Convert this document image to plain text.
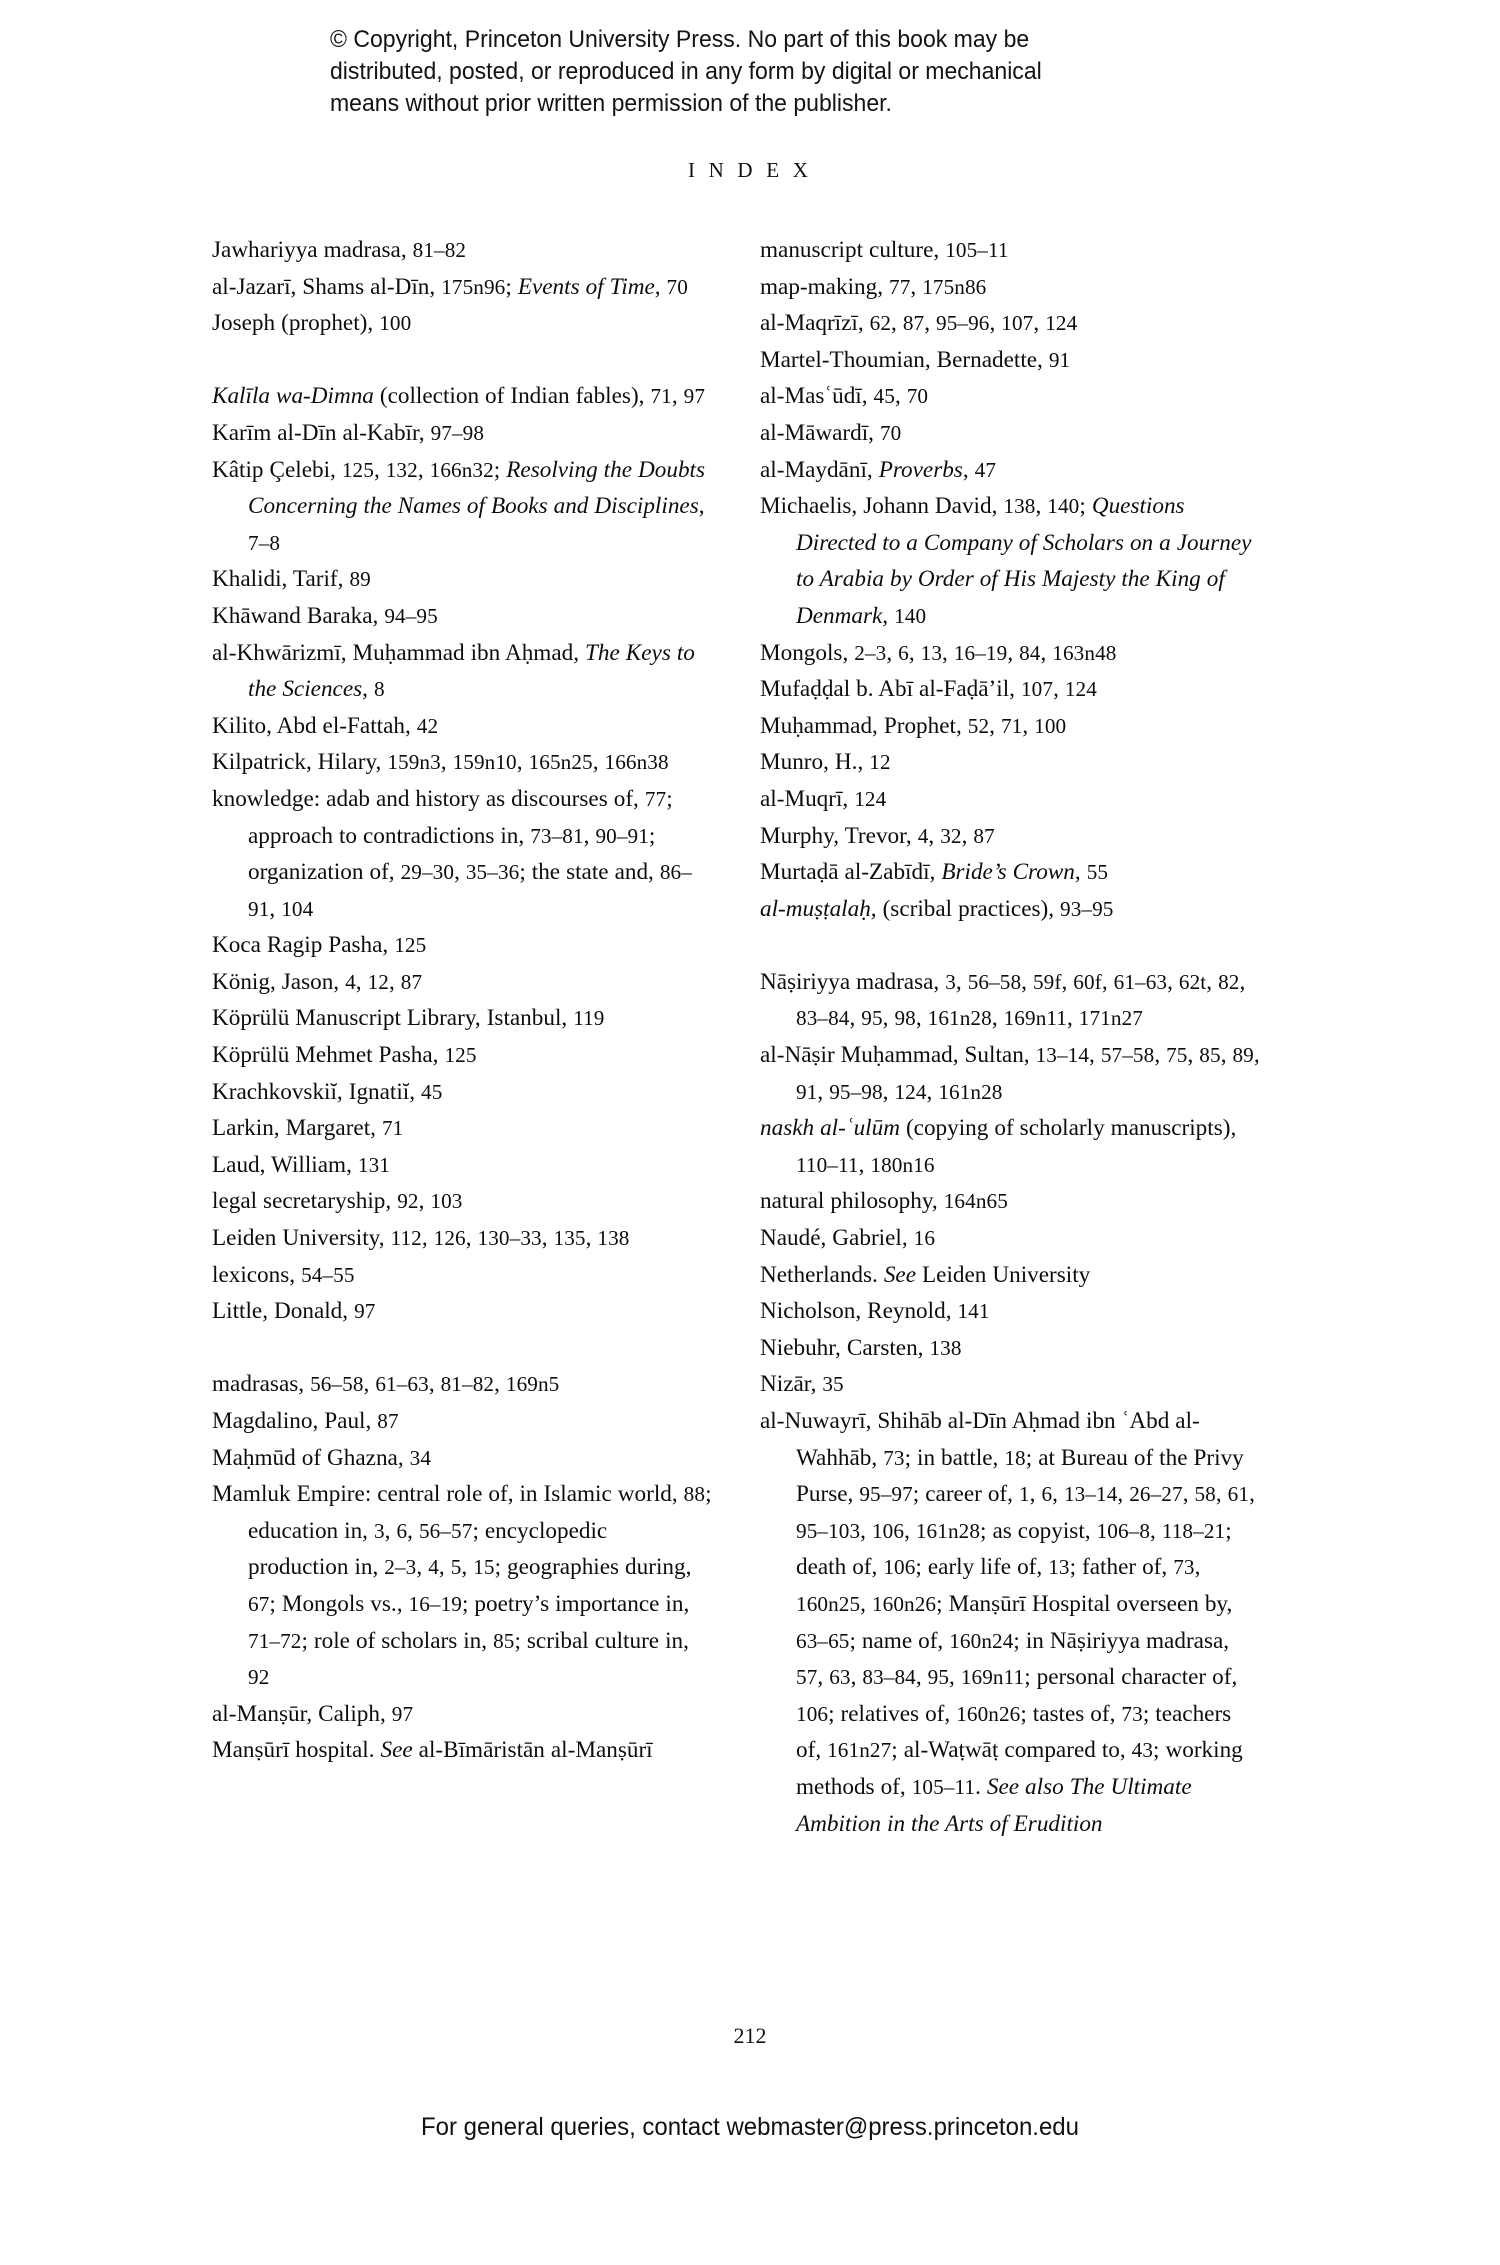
© Copyright, Princeton University Press. No part of this book may be
distributed, posted, or reproduced in any form by digital or mechanical
means without prior written permission of the publisher.
I N D E X

Jawhariyya madrasa, 81–82

al-Jazarī, Shams al-Dīn, 175n96; Events of Time, 70

Joseph (prophet), 100

Kalīla wa-Dimna (collection of Indian fables), 71, 97

Karīm al-Dīn al-Kabīr, 97–98

Kâtip Çelebi, 125, 132, 166n32; Resolving the Doubts Concerning the Names of Books and Disciplines, 7–8

Khalidi, Tarif, 89

Khāwand Baraka, 94–95

al-Khwārizmī, Muḥammad ibn Aḥmad, The Keys to the Sciences, 8

Kilito, Abd el-Fattah, 42

Kilpatrick, Hilary, 159n3, 159n10, 165n25, 166n38

knowledge: adab and history as discourses of, 77; approach to contradictions in, 73–81, 90–91; organization of, 29–30, 35–36; the state and, 86–91, 104

Koca Ragip Pasha, 125

König, Jason, 4, 12, 87

Köprülü Manuscript Library, Istanbul, 119

Köprülü Mehmet Pasha, 125

Krachkovskiĭ, Ignatiĭ, 45

Larkin, Margaret, 71

Laud, William, 131

legal secretaryship, 92, 103

Leiden University, 112, 126, 130–33, 135, 138

lexicons, 54–55

Little, Donald, 97

madrasas, 56–58, 61–63, 81–82, 169n5

Magdalino, Paul, 87

Maḥmūd of Ghazna, 34

Mamluk Empire: central role of, in Islamic world, 88; education in, 3, 6, 56–57; encyclopedic production in, 2–3, 4, 5, 15; geographies during, 67; Mongols vs., 16–19; poetry’s importance in, 71–72; role of scholars in, 85; scribal culture in, 92

al-Manṣūr, Caliph, 97

Manṣūrī hospital. See al-Bīmāristān al-Manṣūrī

manuscript culture, 105–11

map-making, 77, 175n86

al-Maqrīzī, 62, 87, 95–96, 107, 124

Martel-Thoumian, Bernadette, 91

al-Masʿūdī, 45, 70

al-Māwardī, 70

al-Maydānī, Proverbs, 47

Michaelis, Johann David, 138, 140; Questions Directed to a Company of Scholars on a Journey to Arabia by Order of His Majesty the King of Denmark, 140

Mongols, 2–3, 6, 13, 16–19, 84, 163n48

Mufaḍḍal b. Abī al-Faḍā’il, 107, 124

Muḥammad, Prophet, 52, 71, 100

Munro, H., 12

al-Muqrī, 124

Murphy, Trevor, 4, 32, 87

Murtaḍā al-Zabīdī, Bride’s Crown, 55

al-muṣṭalaḥ, (scribal practices), 93–95

Nāṣiriyya madrasa, 3, 56–58, 59f, 60f, 61–63, 62t, 82, 83–84, 95, 98, 161n28, 169n11, 171n27

al-Nāṣir Muḥammad, Sultan, 13–14, 57–58, 75, 85, 89, 91, 95–98, 124, 161n28

naskh al-ʿulūm (copying of scholarly manuscripts), 110–11, 180n16

natural philosophy, 164n65

Naudé, Gabriel, 16

Netherlands. See Leiden University

Nicholson, Reynold, 141

Niebuhr, Carsten, 138

Nizār, 35

al-Nuwayrī, Shihāb al-Dīn Aḥmad ibn ʿAbd al-Wahhāb, 73; in battle, 18; at Bureau of the Privy Purse, 95–97; career of, 1, 6, 13–14, 26–27, 58, 61, 95–103, 106, 161n28; as copyist, 106–8, 118–21; death of, 106; early life of, 13; father of, 73, 160n25, 160n26; Manṣūrī Hospital overseen by, 63–65; name of, 160n24; in Nāṣiriyya madrasa, 57, 63, 83–84, 95, 169n11; personal character of, 106; relatives of, 160n26; tastes of, 73; teachers of, 161n27; al-Waṭwāṭ compared to, 43; working methods of, 105–11. See also The Ultimate Ambition in the Arts of Erudition

212
For general queries, contact webmaster@press.princeton.edu
